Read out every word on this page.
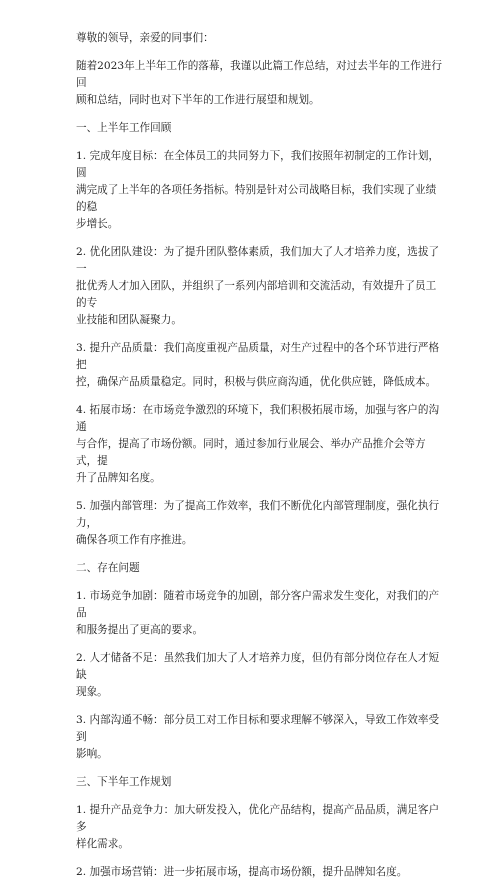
尊敬的领导，亲爱的同事们：

随着2023年上半年工作的落幕，我谨以此篇工作总结，对过去半年的工作进行回
顾和总结，同时也对下半年的工作进行展望和规划。

一、上半年工作回顾

1. 完成年度目标：在全体员工的共同努力下，我们按照年初制定的工作计划，圆
满完成了上半年的各项任务指标。特别是针对公司战略目标，我们实现了业绩的稳
步增长。

2. 优化团队建设：为了提升团队整体素质，我们加大了人才培养力度，选拔了一
批优秀人才加入团队，并组织了一系列内部培训和交流活动，有效提升了员工的专
业技能和团队凝聚力。

3. 提升产品质量：我们高度重视产品质量，对生产过程中的各个环节进行严格把
控，确保产品质量稳定。同时，积极与供应商沟通，优化供应链，降低成本。

4. 拓展市场：在市场竞争激烈的环境下，我们积极拓展市场，加强与客户的沟通
与合作，提高了市场份额。同时，通过参加行业展会、举办产品推介会等方式，提
升了品牌知名度。

5. 加强内部管理：为了提高工作效率，我们不断优化内部管理制度，强化执行力，
确保各项工作有序推进。

二、存在问题

1. 市场竞争加剧：随着市场竞争的加剧，部分客户需求发生变化，对我们的产品
和服务提出了更高的要求。

2. 人才储备不足：虽然我们加大了人才培养力度，但仍有部分岗位存在人才短缺
现象。

3. 内部沟通不畅：部分员工对工作目标和要求理解不够深入，导致工作效率受到
影响。

三、下半年工作规划

1. 提升产品竞争力：加大研发投入，优化产品结构，提高产品品质，满足客户多
样化需求。

2. 加强市场营销：进一步拓展市场，提高市场份额，提升品牌知名度。
